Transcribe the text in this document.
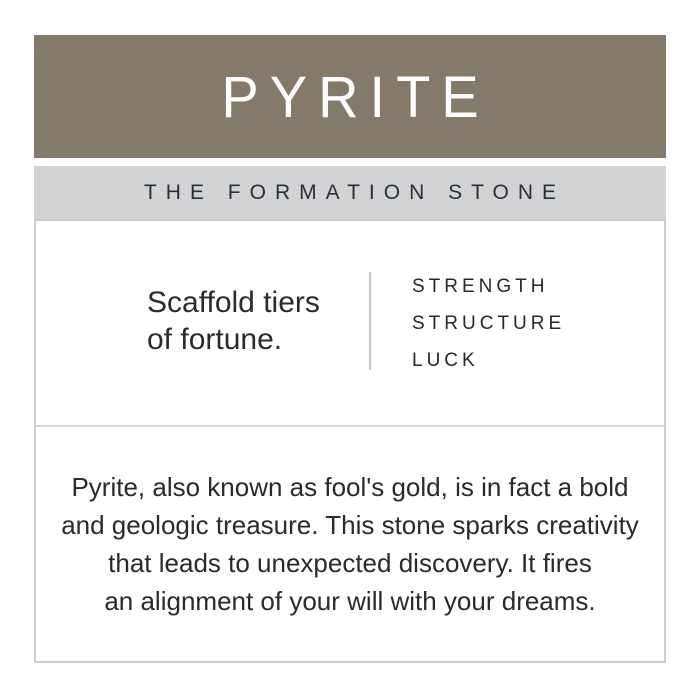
PYRITE
THE FORMATION STONE
Scaffold tiers
of fortune.
STRENGTH
STRUCTURE
LUCK
Pyrite, also known as fool's gold, is in fact a bold
and geologic treasure. This stone sparks creativity
that leads to unexpected discovery. It fires
an alignment of your will with your dreams.
